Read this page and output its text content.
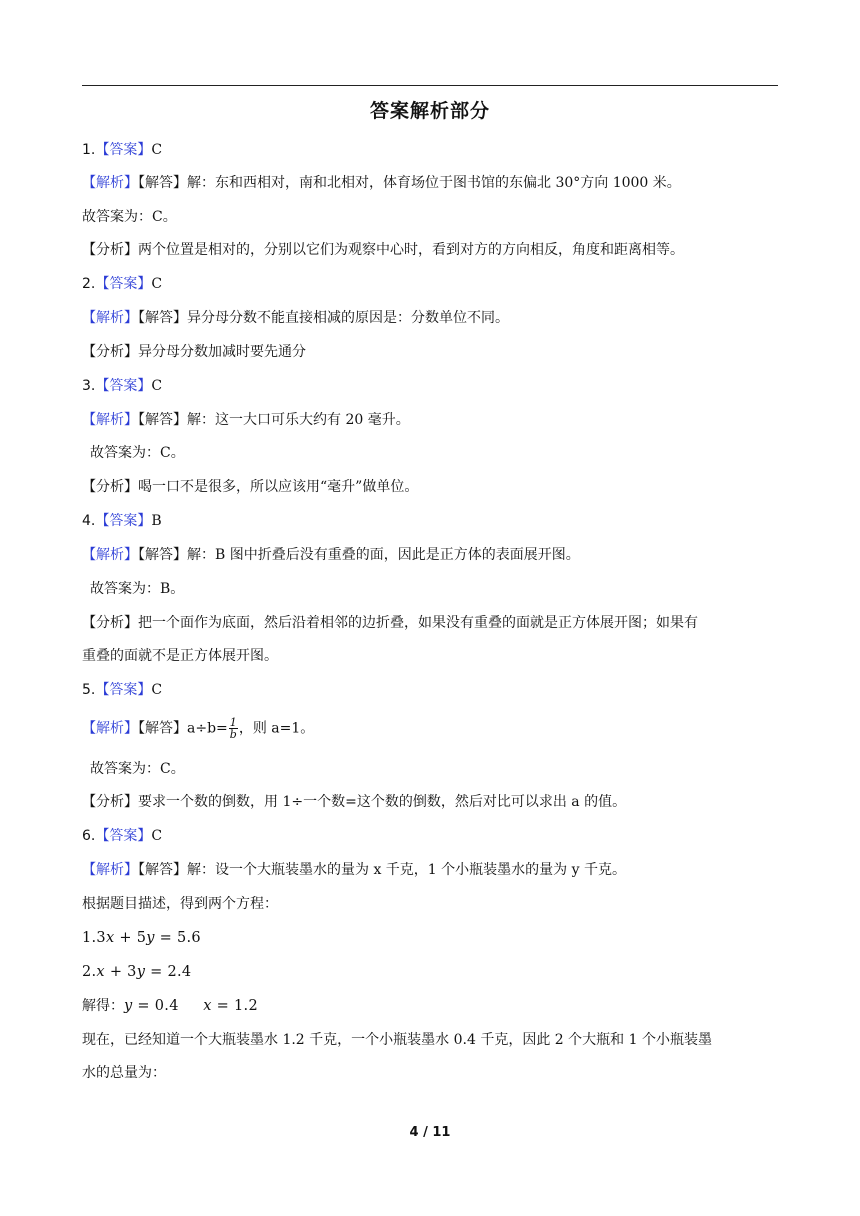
答案解析部分
1.【答案】C
【解析】【解答】解：东和西相对，南和北相对，体育场位于图书馆的东偏北 30°方向 1000 米。
故答案为：C。
【分析】两个位置是相对的，分别以它们为观察中心时，看到对方的方向相反，角度和距离相等。
2.【答案】C
【解析】【解答】异分母分数不能直接相减的原因是：分数单位不同。
【分析】异分母分数加减时要先通分
3.【答案】C
【解析】【解答】解：这一大口可乐大约有 20 毫升。
故答案为：C。
【分析】喝一口不是很多，所以应该用“毫升”做单位。
4.【答案】B
【解析】【解答】解：B 图中折叠后没有重叠的面，因此是正方体的表面展开图。
故答案为：B。
【分析】把一个面作为底面，然后沿着相邻的边折叠，如果没有重叠的面就是正方体展开图；如果有
重叠的面就不是正方体展开图。
5.【答案】C
【解析】【解答】$a\div b= \frac{1}{b}$ ，则 a=1。
故答案为：C。
【分析】要求一个数的倒数，用 1÷一个数=这个数的倒数，然后对比可以求出 a 的值。
6.【答案】C
【解析】【解答】解：设一个大瓶装墨水的量为 x 千克，1 个小瓶装墨水的量为 y 千克。
根据题目描述，得到两个方程：
1.3𝑥 + 5𝑦 = 5.6
2.𝑥 + 3𝑦 = 2.4
解得：𝑦 = 0.4     𝑥 = 1.2
现在，已经知道一个大瓶装墨水 1.2 千克，一个小瓶装墨水 0.4 千克，因此 2 个大瓶和 1 个小瓶装墨
水的总量为：
4 / 11
